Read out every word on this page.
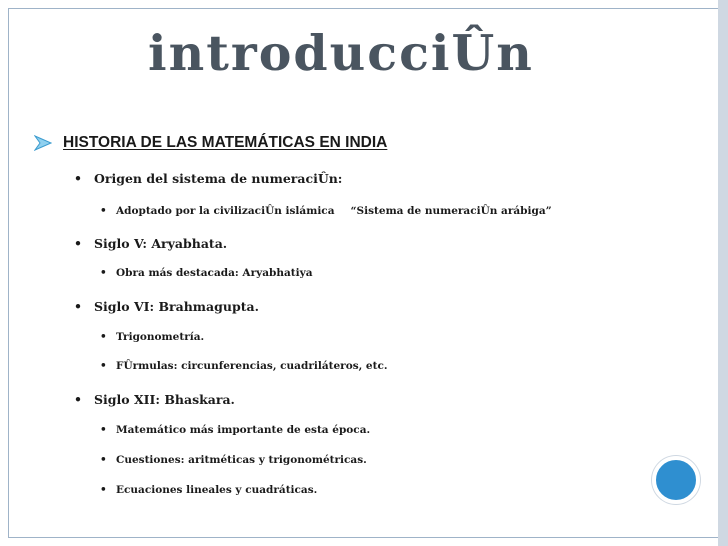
introducciÛn
HISTORIA DE LAS MATEMÁTICAS EN INDIA
• Origen del sistema de numeraciÛn:
• Adoptado por la civilizaciÛn islámica “Sistema de numeraciÛn arábiga”
• Siglo V: Aryabhata.
• Obra más destacada: Aryabhatiya
• Siglo VI: Brahmagupta.
• Trigonometría.
• FÛrmulas: circunferencias, cuadriláteros, etc.
• Siglo XII: Bhaskara.
• Matemático más importante de esta época.
• Cuestiones: aritméticas y trigonométricas.
• Ecuaciones lineales y cuadráticas.
